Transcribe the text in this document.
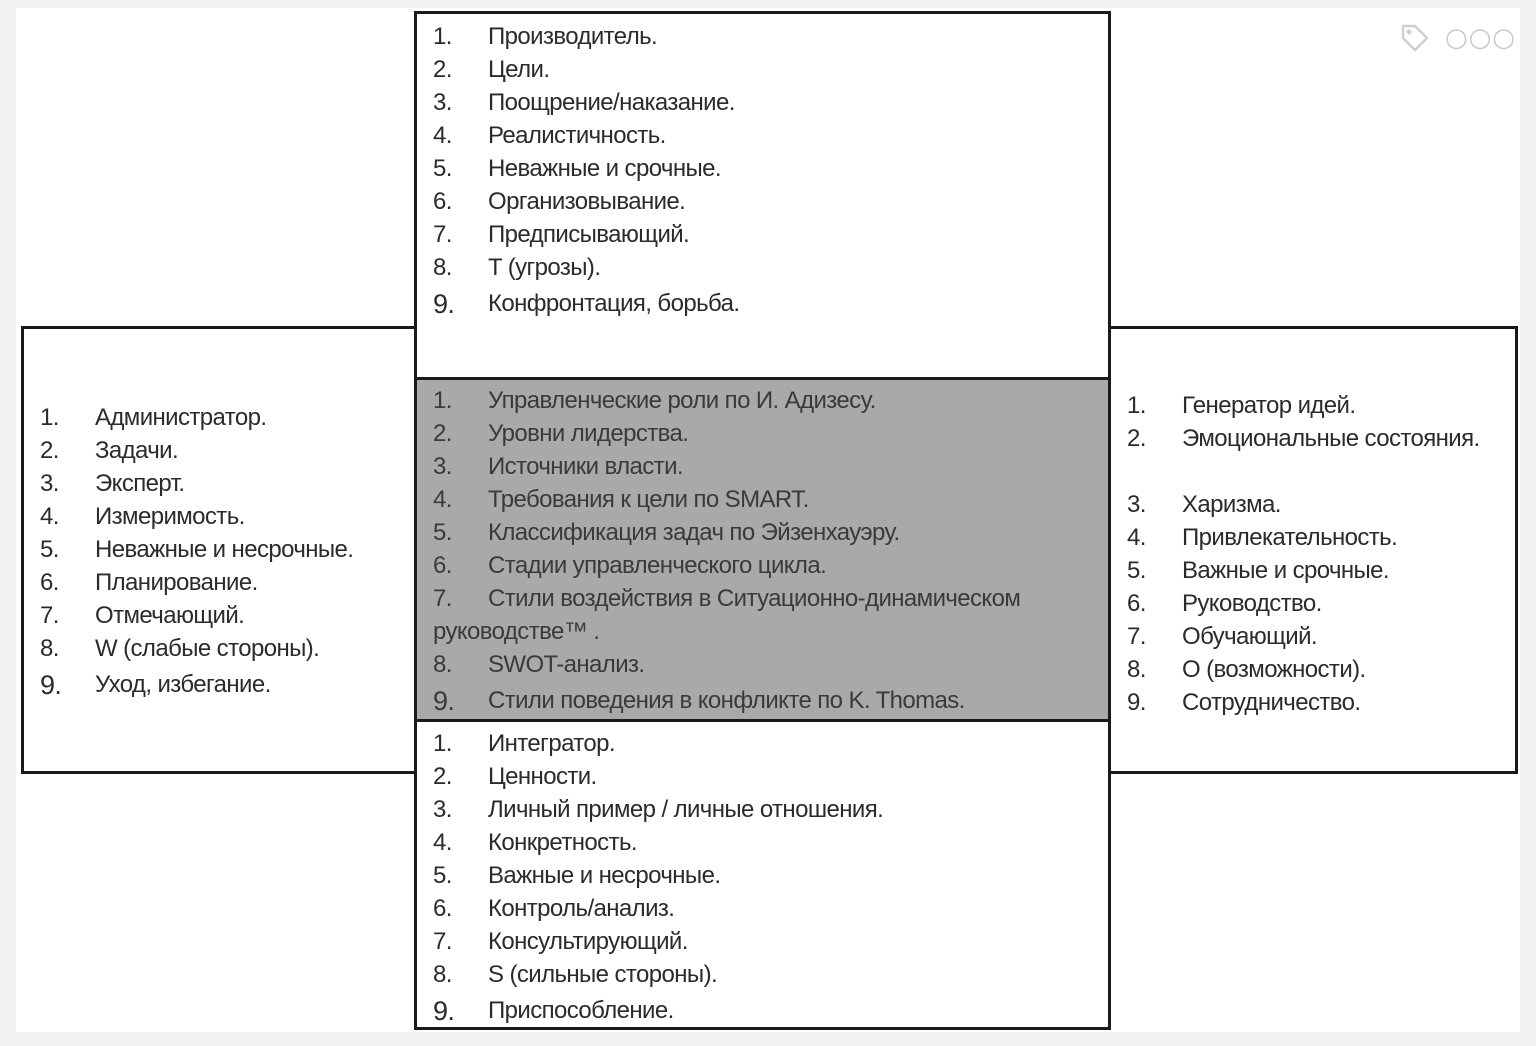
○○○
1. Производитель.
2. Цели.
3. Поощрение/наказание.
4. Реалистичность.
5. Неважные и срочные.
6. Организовывание.
7. Предписывающий.
8. T (угрозы).
9. Конфронтация, борьба.
1. Администратор.
2. Задачи.
3. Эксперт.
4. Измеримость.
5. Неважные и несрочные.
6. Планирование.
7. Отмечающий.
8. W (слабые стороны).
9. Уход, избегание.
1. Генератор идей.
2. Эмоциональные состояния.
3. Харизма.
4. Привлекательность.
5. Важные и срочные.
6. Руководство.
7. Обучающий.
8. O (возможности).
9. Сотрудничество.
1. Управленческие роли по И. Адизесу.
2. Уровни лидерства.
3. Источники власти.
4. Требования к цели по SMART.
5. Классификация задач по Эйзенхауэру.
6. Стадии управленческого цикла.
7. Стили воздействия в Ситуационно-динамическом руководстве™ .
8. SWOT-анализ.
9. Стили поведения в конфликте по K. Thomas.
1. Интегратор.
2. Ценности.
3. Личный пример / личные отношения.
4. Конкретность.
5. Важные и несрочные.
6. Контроль/анализ.
7. Консультирующий.
8. S (сильные стороны).
9. Приспособление.
